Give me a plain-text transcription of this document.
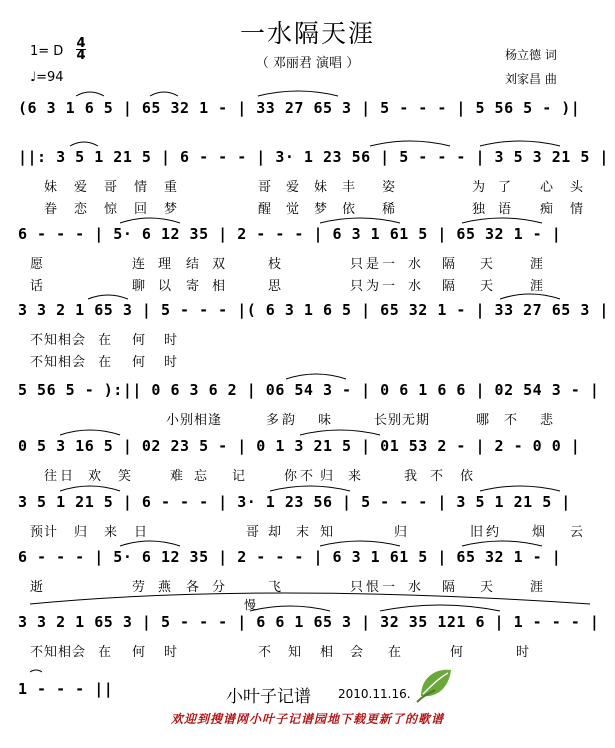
一水隔天涯
（ 邓丽君 演唱 ）
1= D
4
4
♩=94
杨立德 词
刘家昌 曲
(6 3 1 6 5 | 65 32 1 - | 33 27 65 3 | 5 - - - | 5 56 5 - )|
||: 3 5 1 21 5 | 6 - - - | 3· 1 23 56 | 5 - - - | 3 5 3 21 5 |
6 - - - | 5· 6 12 35 | 2 - - - | 6 3 1 61 5 | 65 32 1 - |
3 3 2 1 65 3 | 5 - - - |( 6 3 1 6 5 | 65 32 1 - | 33 27 65 3 |
5 56 5 - ):|| 0 6 3 6 2 | 06 54 3 - | 0 6 1 6 6 | 02 54 3 - |
0 5 3 16 5 | 02 23 5 - | 0 1 3 21 5 | 01 53 2 - | 2 - 0 0 |
3 5 1 21 5 | 6 - - - | 3· 1 23 56 | 5 - - - | 3 5 1 21 5 |
6 - - - | 5· 6 12 35 | 2 - - - | 6 3 1 61 5 | 65 32 1 - |
3 3 2 1 65 3 | 5 - - - | 6 6 1 65 3 | 32 35 121 6 | 1 - - - |
1 - - - ||
妹 爱 哥 情 重	哥 爱 妹 丰 姿	为 了 心 头
眷 恋 惊 回 梦	醒 觉 梦 依 稀	独 语 痴 情
愿	连 理 结 双	枝	只 是 一 水 隔 天	涯
话	聊 以 寄 相	思	只 为 一 水 隔 天	涯
不 知 相 会 在 何 时
不 知 相 会 在 何 时
小 别 相 逢	多 韵 味	长 别 无 期	哪 不 悲
往 日 欢 笑	难 忘 记	你 不 归 来	我 不 依
预 计 归 来 日	哥 却 末 知	归	旧 约	烟 云
逝	劳 燕 各 分	飞	只 恨 一 水 隔 天	涯
不 知 相 会 在 何 时	不 知 相 会 在	何	时
慢
小叶子记谱 2010.11.16.
欢迎到搜谱网小叶子记谱园地下载更新了的歌谱
